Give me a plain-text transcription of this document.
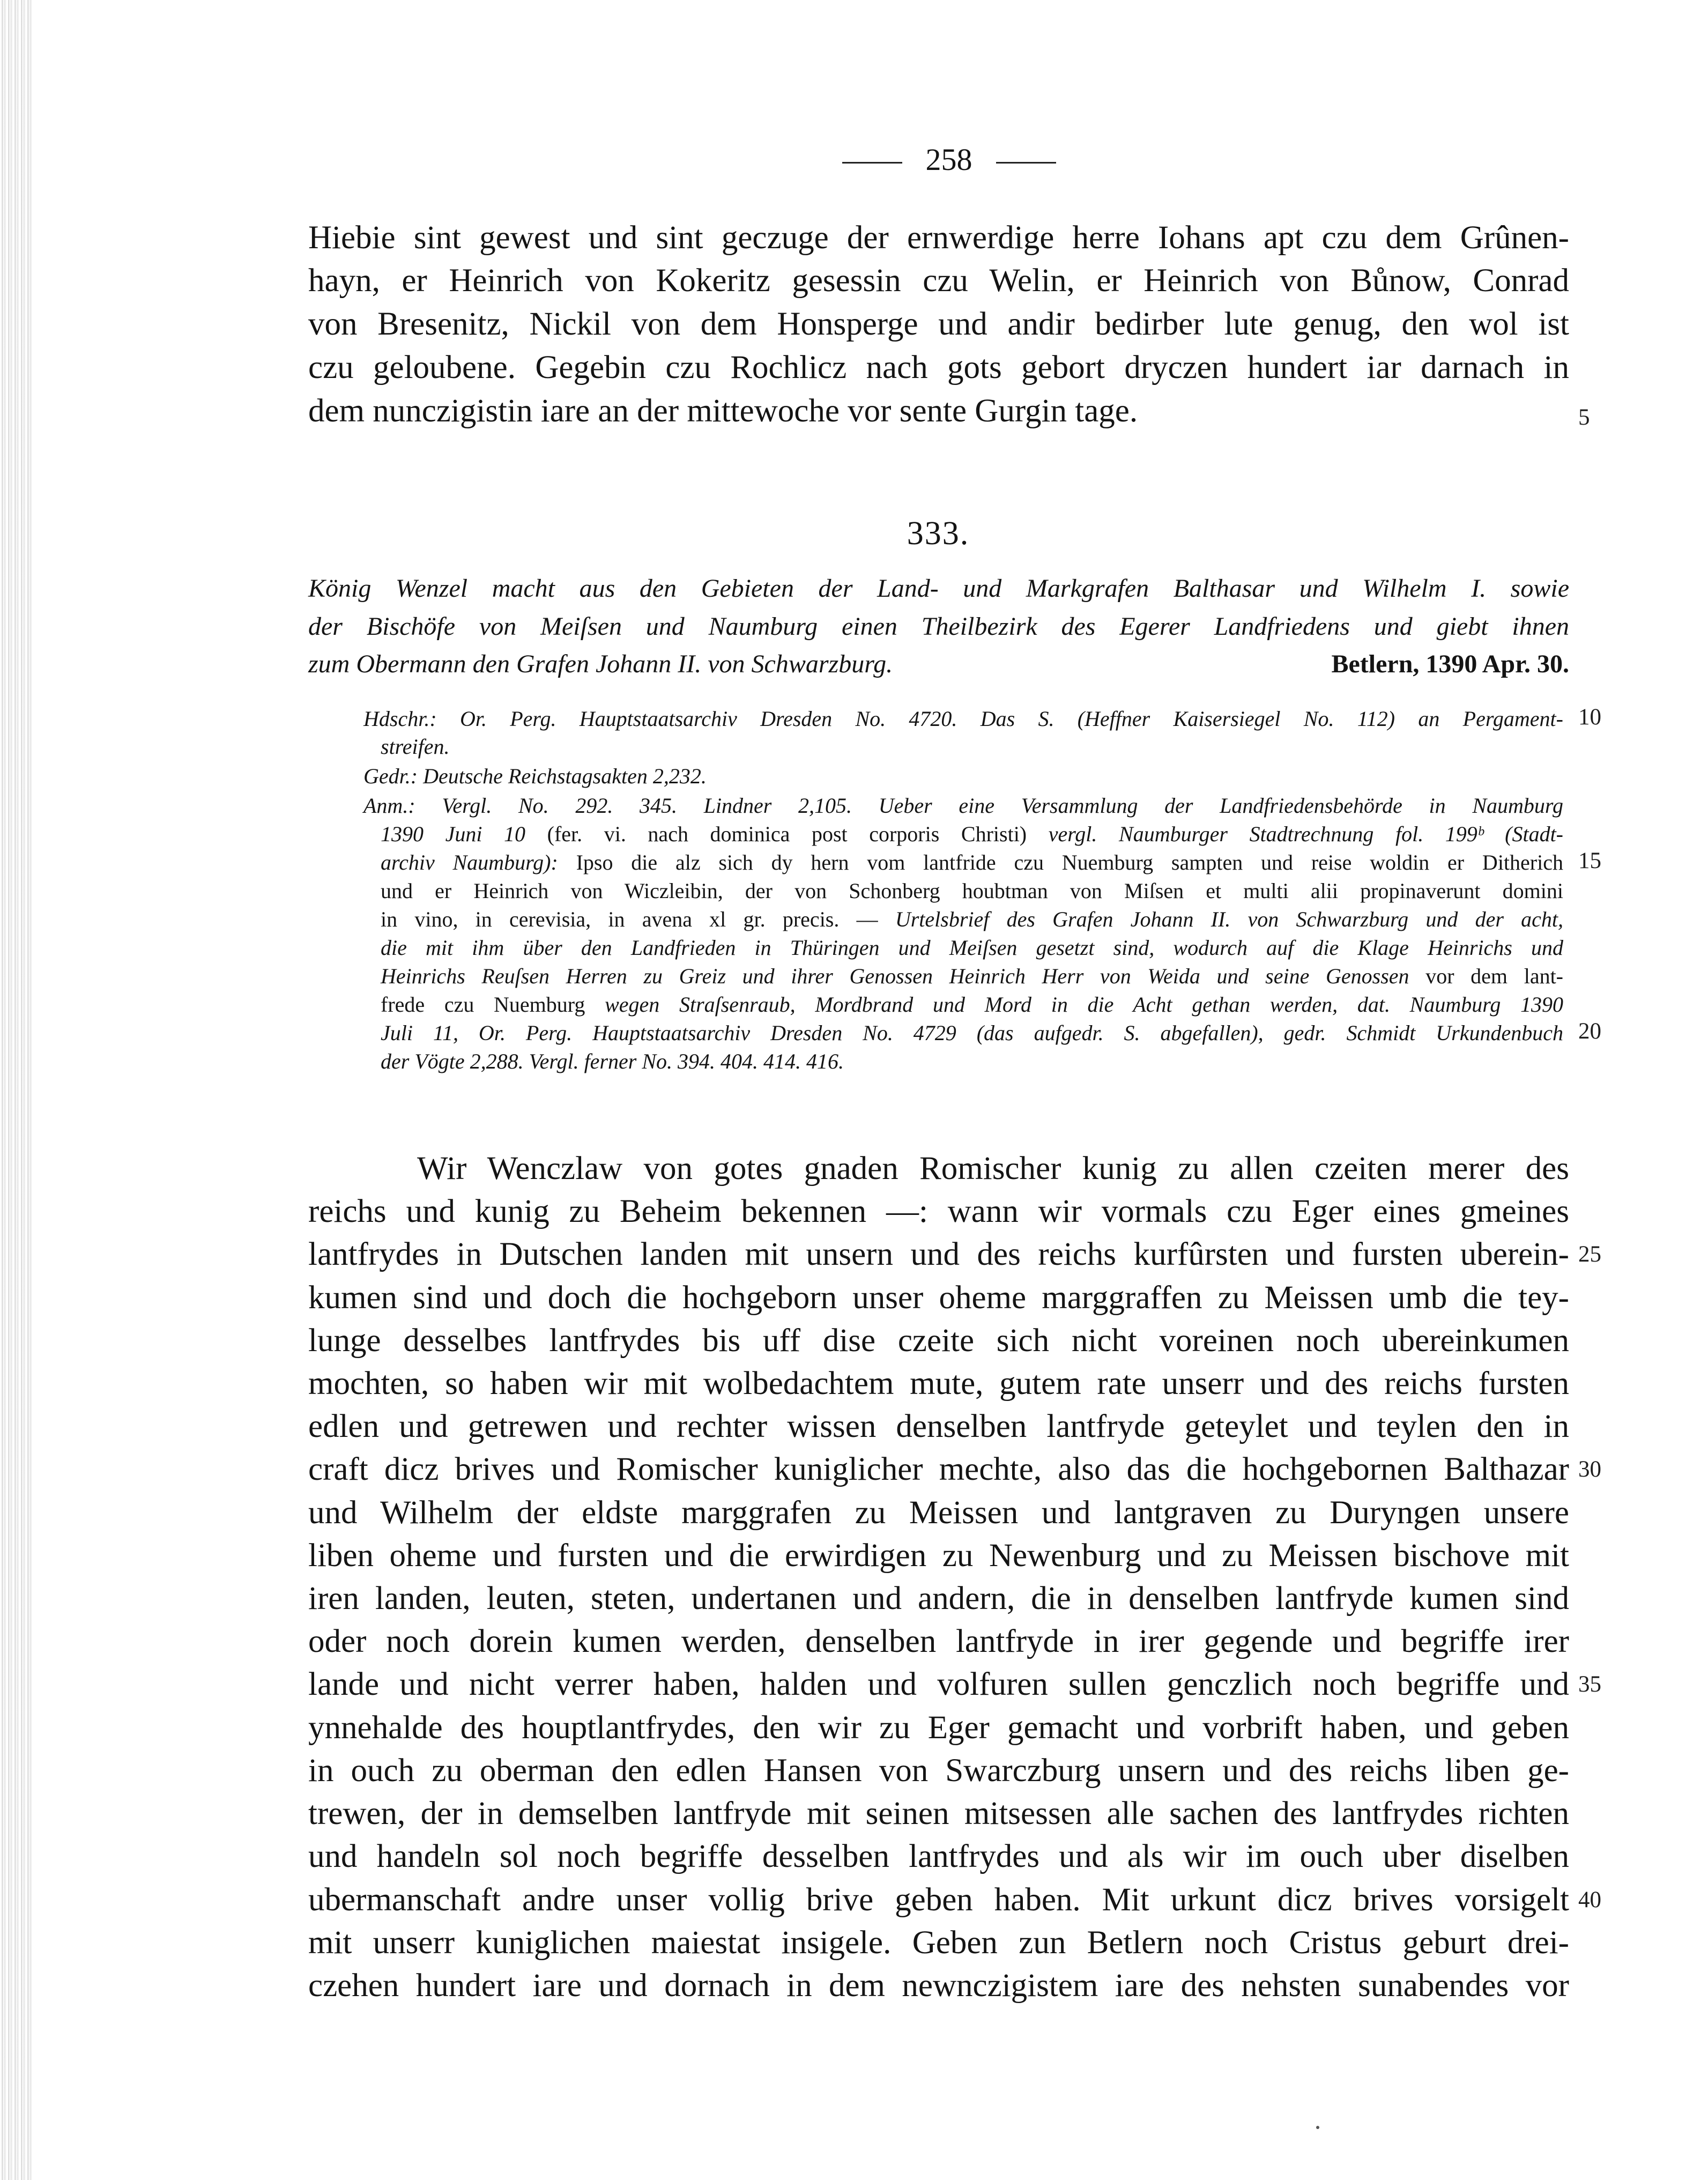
258
Hiebie sint gewest und sint geczuge der ernwerdige herre Iohans apt czu dem Grûnen-
hayn, er Heinrich von Kokeritz gesessin czu Welin, er Heinrich von Bůnow, Conrad
von Bresenitz, Nickil von dem Honsperge und andir bedirber lute genug, den wol ist
czu geloubene. Gegebin czu Rochlicz nach gots gebort dryczen hundert iar darnach in
dem nunczigistin iare an der mittewoche vor sente Gurgin tage.
333.
König Wenzel macht aus den Gebieten der Land- und Markgrafen Balthasar und Wilhelm I. sowie
der Bischöfe von Meiſsen und Naumburg einen Theilbezirk des Egerer Landfriedens und giebt ihnen
zum Obermann den Grafen Johann II. von Schwarzburg.	Betlern, 1390 Apr. 30.
Hdschr.: Or. Perg. Hauptstaatsarchiv Dresden No. 4720. Das S. (Heffner Kaisersiegel No. 112) an Pergament-
streifen.
Gedr.: Deutsche Reichstagsakten 2,232.
Anm.: Vergl. No. 292. 345. Lindner 2,105. Ueber eine Versammlung der Landfriedensbehörde in Naumburg
1390 Juni 10 (fer. vi. nach dominica post corporis Christi) vergl. Naumburger Stadtrechnung fol. 199ᵇ (Stadt-
archiv Naumburg): Ipso die alz sich dy hern vom lantfride czu Nuemburg sampten und reise woldin er Ditherich
und er Heinrich von Wiczleibin, der von Schonberg houbtman von Miſsen et multi alii propinaverunt domini
in vino, in cerevisia, in avena xl gr. precis. — Urtelsbrief des Grafen Johann II. von Schwarzburg und der acht,
die mit ihm über den Landfrieden in Thüringen und Meiſsen gesetzt sind, wodurch auf die Klage Heinrichs und
Heinrichs Reuſsen Herren zu Greiz und ihrer Genossen Heinrich Herr von Weida und seine Genossen vor dem lant-
frede czu Nuemburg wegen Straſsenraub, Mordbrand und Mord in die Acht gethan werden, dat. Naumburg 1390
Juli 11, Or. Perg. Hauptstaatsarchiv Dresden No. 4729 (das aufgedr. S. abgefallen), gedr. Schmidt Urkundenbuch
der Vögte 2,288. Vergl. ferner No. 394. 404. 414. 416.
Wir Wenczlaw von gotes gnaden Romischer kunig zu allen czeiten merer des
reichs und kunig zu Beheim bekennen —: wann wir vormals czu Eger eines gmeines
lantfrydes in Dutschen landen mit unsern und des reichs kurfûrsten und fursten uberein-
kumen sind und doch die hochgeborn unser oheme marggraffen zu Meissen umb die tey-
lunge desselbes lantfrydes bis uff dise czeite sich nicht voreinen noch ubereinkumen
mochten, so haben wir mit wolbedachtem mute, gutem rate unserr und des reichs fursten
edlen und getrewen und rechter wissen denselben lantfryde geteylet und teylen den in
craft dicz brives und Romischer kuniglicher mechte, also das die hochgebornen Balthazar
und Wilhelm der eldste marggrafen zu Meissen und lantgraven zu Duryngen unsere
liben oheme und fursten und die erwirdigen zu Newenburg und zu Meissen bischove mit
iren landen, leuten, steten, undertanen und andern, die in denselben lantfryde kumen sind
oder noch dorein kumen werden, denselben lantfryde in irer gegende und begriffe irer
lande und nicht verrer haben, halden und volfuren sullen genczlich noch begriffe und
ynnehalde des houptlantfrydes, den wir zu Eger gemacht und vorbrift haben, und geben
in ouch zu oberman den edlen Hansen von Swarczburg unsern und des reichs liben ge-
trewen, der in demselben lantfryde mit seinen mitsessen alle sachen des lantfrydes richten
und handeln sol noch begriffe desselben lantfrydes und als wir im ouch uber diselben
ubermanschaft andre unser vollig brive geben haben. Mit urkunt dicz brives vorsigelt
mit unserr kuniglichen maiestat insigele. Geben zun Betlern noch Cristus geburt drei-
czehen hundert iare und dornach in dem newnczigistem iare des nehsten sunabendes vor
5
10
15
20
25
30
35
40
